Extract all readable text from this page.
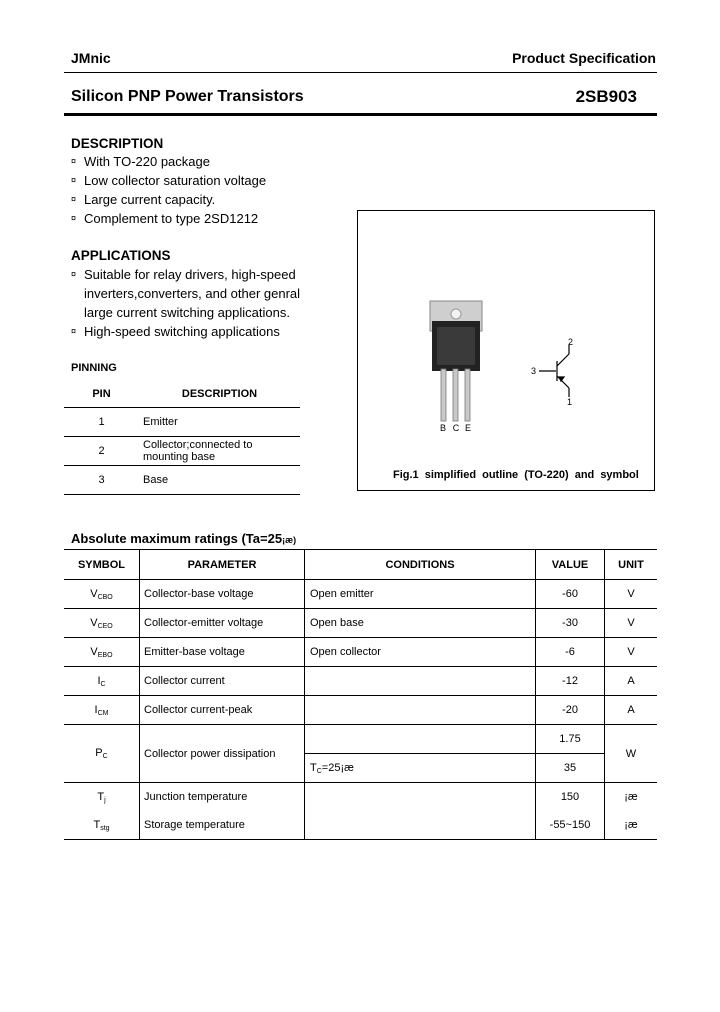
JMnic	Product Specification
Silicon PNP Power Transistors	2SB903
DESCRIPTION
¤ With TO-220 package
¤ Low collector saturation voltage
¤ Large current capacity.
¤ Complement to type 2SD1212
APPLICATIONS
¤ Suitable for relay drivers, high-speed
inverters,converters, and other genral
large current switching applications.
¤ High-speed switching applications
PINNING
PIN	DESCRIPTION
1	Emitter
2	Collector;connected to
mounting base

3	Base
B C E
3
2
1
Fig.1 simplified outline (TO-220) and symbol
Absolute maximum ratings (Ta=25¡æ)
SYMBOL	PARAMETER	CONDITIONS	VALUE	UNIT
$V_{CBO}$	Collector-base voltage	Open emitter	-60	V
$V_{CEO}$	Collector-emitter voltage	Open base	-30	V
$V_{EBO}$	Emitter-base voltage	Open collector	-6	V
$I_C$	Collector current		-12	A
$I_{CM}$	Collector current-peak		-20	A
$P_C$	Collector power dissipation		1.75	W
		$T_C=25¡æ$	35	
$T_j$	Junction temperature		150	¡æ
$T_{stg}$	Storage temperature		-55~150	¡æ
